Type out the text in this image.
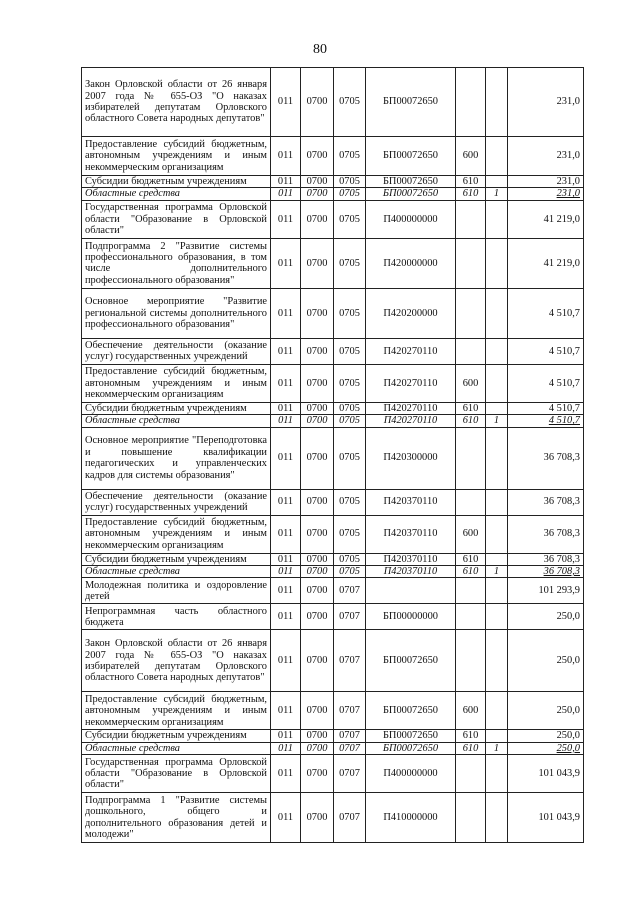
80
Закон Орловской области от 26 января 2007 года № 655-ОЗ "О наказах избирателей депутатам Орловского областного Совета народных депутатов"	011	0700	0705	БП00072650			231,0
Предоставление субсидий бюджетным, автономным учреждениям и иным некоммерческим организациям	011	0700	0705	БП00072650	600		231,0
Субсидии бюджетным учреждениям	011	0700	0705	БП00072650	610		231,0
Областные средства	011	0700	0705	БП00072650	610	1	231,0
Государственная программа Орловской области "Образование в Орловской области"	011	0700	0705	П400000000			41 219,0
Подпрограмма 2 "Развитие системы профессионального образования, в том числе дополнительного профессионального образования"	011	0700	0705	П420000000			41 219,0
Основное мероприятие "Развитие региональной системы дополнительного профессионального образования"	011	0700	0705	П420200000			4 510,7
Обеспечение деятельности (оказание услуг) государственных учреждений	011	0700	0705	П420270110			4 510,7
Предоставление субсидий бюджетным, автономным учреждениям и иным некоммерческим организациям	011	0700	0705	П420270110	600		4 510,7
Субсидии бюджетным учреждениям	011	0700	0705	П420270110	610		4 510,7
Областные средства	011	0700	0705	П420270110	610	1	4 510,7
Основное мероприятие "Переподготовка и повышение квалификации педагогических и управленческих кадров для системы образования"	011	0700	0705	П420300000			36 708,3
Обеспечение деятельности (оказание услуг) государственных учреждений	011	0700	0705	П420370110			36 708,3
Предоставление субсидий бюджетным, автономным учреждениям и иным некоммерческим организациям	011	0700	0705	П420370110	600		36 708,3
Субсидии бюджетным учреждениям	011	0700	0705	П420370110	610		36 708,3
Областные средства	011	0700	0705	П420370110	610	1	36 708,3
Молодежная политика и оздоровление детей	011	0700	0707				101 293,9
Непрограммная часть областного бюджета	011	0700	0707	БП00000000			250,0
Закон Орловской области от 26 января 2007 года № 655-ОЗ "О наказах избирателей депутатам Орловского областного Совета народных депутатов"	011	0700	0707	БП00072650			250,0
Предоставление субсидий бюджетным, автономным учреждениям и иным некоммерческим организациям	011	0700	0707	БП00072650	600		250,0
Субсидии бюджетным учреждениям	011	0700	0707	БП00072650	610		250,0
Областные средства	011	0700	0707	БП00072650	610	1	250,0
Государственная программа Орловской области "Образование в Орловской области"	011	0700	0707	П400000000			101 043,9
Подпрограмма 1 "Развитие системы дошкольного, общего и дополнительного образования детей и молодежи"	011	0700	0707	П410000000			101 043,9
